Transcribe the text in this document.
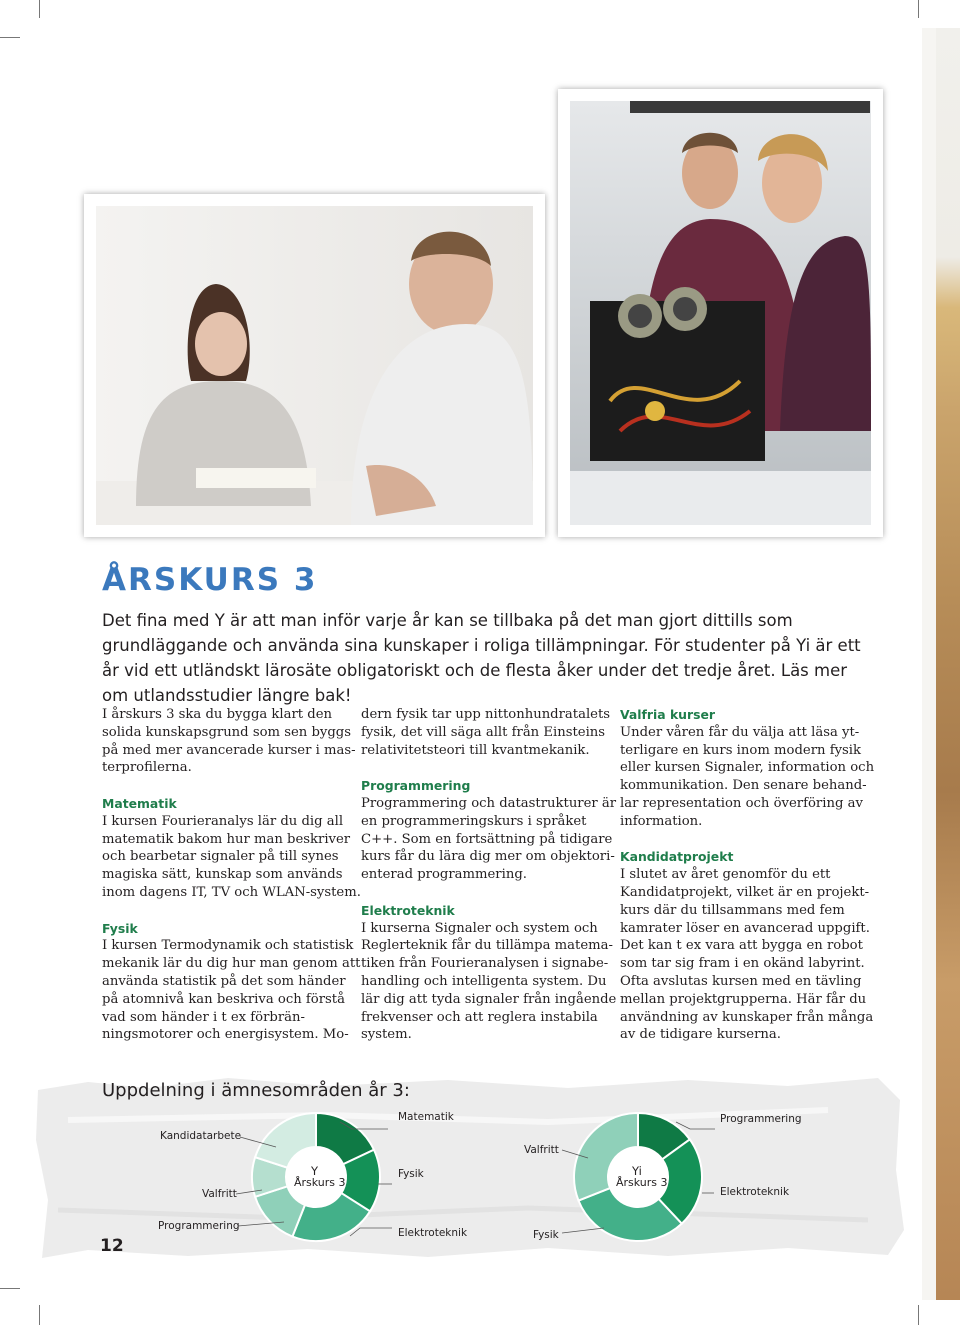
ÅRSKURS 3

Det fina med Y är att man inför varje år kan se tillbaka på det man gjort dittills som grundläggande och använda sina kunskaper i roliga tillämpningar. För studenter på Yi är ett år vid ett utländskt lärosäte obligatoriskt och de flesta åker under det tredje året. Läs mer om utlandsstudier längre bak!

I årskurs 3 ska du bygga klart den solida kunskapsgrund som sen byggs på med mer avancerade kurser i mas-terprofilerna.

Matematik
I kursen Fourieranalys lär du dig all matematik bakom hur man beskriver och bearbetar signaler på till synes magiska sätt, kunskap som används inom dagens IT, TV och WLAN-system.

Fysik
I kursen Termodynamik och statistisk mekanik lär du dig hur man genom att använda statistik på det som händer på atomnivå kan beskriva och förstå vad som händer i t ex förbrän-ningsmotorer och energisystem. Mo-

dern fysik tar upp nittonhundratalets fysik, det vill säga allt från Einsteins relativitetsteori till kvantmekanik.

Programmering
Programmering och datastrukturer är en programmeringskurs i språket C++. Som en fortsättning på tidigare kurs får du lära dig mer om objektori-enterad programmering.

Elektroteknik
I kurserna Signaler och system och Reglerteknik får du tillämpa matema-tiken från Fourieranalysen i signabe-handling och intelligenta system. Du lär dig att tyda signaler från ingående frekvenser och att reglera instabila system.

Valfria kurser
Under våren får du välja att läsa yt-terligare en kurs inom modern fysik eller kursen Signaler, information och kommunikation. Den senare behand-lar representation och överföring av information.

Kandidatprojekt
I slutet av året genomför du ett Kandidatprojekt, vilket är en projekt-kurs där du tillsammans med fem kamrater löser en avancerad uppgift. Det kan t ex vara att bygga en robot som tar sig fram i en okänd labyrint. Ofta avslutas kursen med en tävling mellan projektgrupperna. Här får du användning av kunskaper från många av de tidigare kurserna.

Uppdelning i ämnesområden år 3:
Y
Årskurs 3
Yi
Årskurs 3
Kandidatarbete
Valfritt
Programmering
Matematik
Fysik
Elektroteknik
Valfritt
Programmering
Elektroteknik
Fysik
12
